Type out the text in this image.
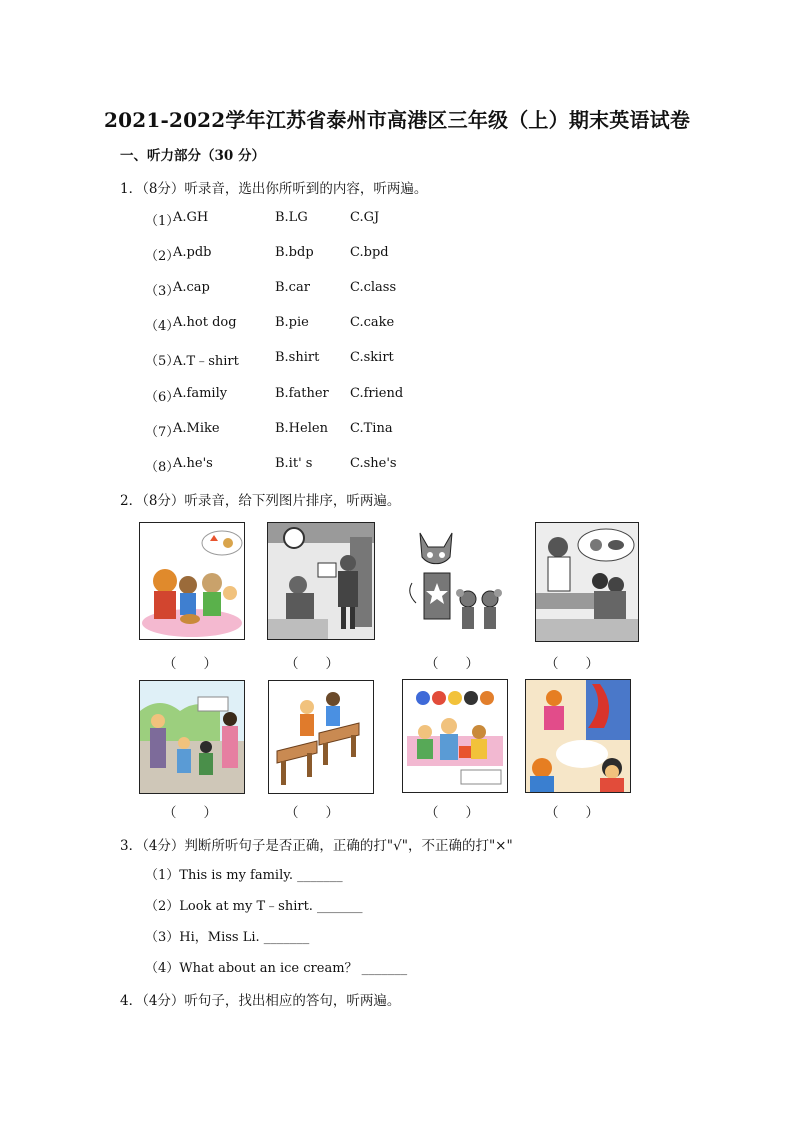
2021-2022学年江苏省泰州市高港区三年级（上）期末英语试卷
一、听力部分（30 分）
1．（8分）听录音，选出你所听到的内容，听两遍。
（1）
A.GH	B.LG	C.GJ
（2）
A.pdb	B.bdp	C.bpd
（3）
A.cap	B.car	C.class
（4）
A.hot dog	B.pie	C.cake
（5）
A.T﹣shirt	B.shirt C.skirt
（6）
A.family	B.father C.friend
（7）
A.Mike	B.Helen C.Tina
（8）
A.he's	B.it' s	C.she's
2．（8分）听录音，给下列图片排序，听两遍。
（　　）	（　　）	（　　）	（　　）
（　　）	（　　）	（　　）	（　　）
3．（4分）判断所听句子是否正确，正确的打"√"，不正确的打"×"
（1）This is my family. _______
（2）Look at my T﹣shirt. _______
（3）Hi，Miss Li. _______
（4）What about an ice cream？ _______
4．（4分）听句子，找出相应的答句，听两遍。
